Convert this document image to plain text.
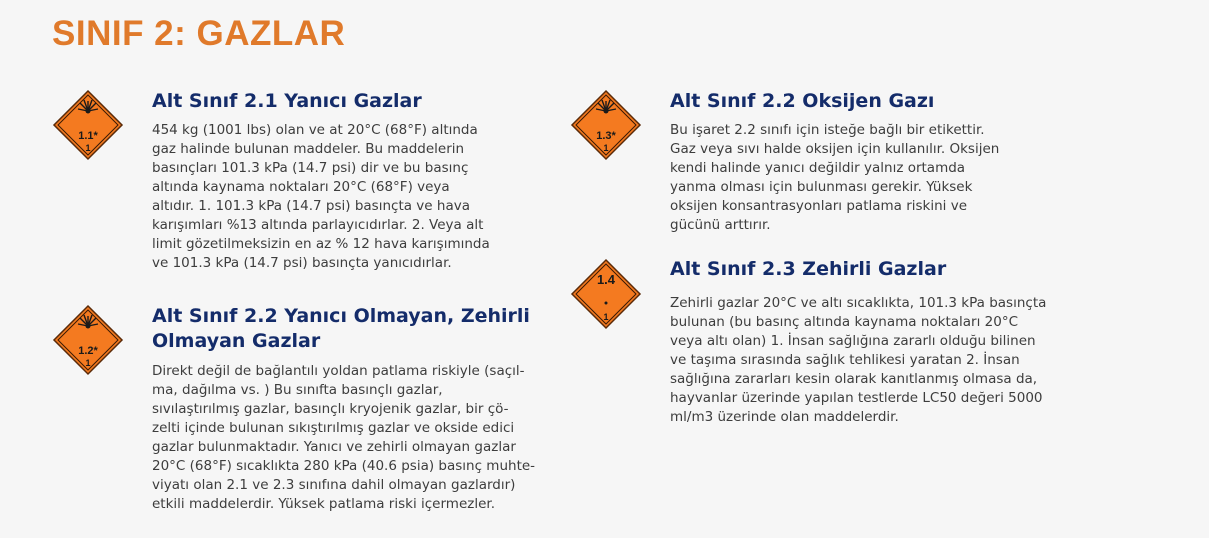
SINIF 2: GAZLAR
1.1*
1
Alt Sınıf 2.1 Yanıcı Gazlar
454 kg (1001 lbs) olan ve at 20°C (68°F) altında
gaz halinde bulunan maddeler. Bu maddelerin
basınçları 101.3 kPa (14.7 psi) dir ve bu basınç
altında kaynama noktaları 20°C (68°F) veya
altıdır. 1. 101.3 kPa (14.7 psi) basınçta ve hava
karışımları %13 altında parlayıcıdırlar. 2. Veya alt
limit gözetilmeksizin en az % 12 hava karışımında
ve 101.3 kPa (14.7 psi) basınçta yanıcıdırlar.
1.2*
1
Alt Sınıf 2.2 Yanıcı Olmayan, Zehirli
Olmayan Gazlar
Direkt değil de bağlantılı yoldan patlama riskiyle (saçıl-
ma, dağılma vs. ) Bu sınıfta basınçlı gazlar,
sıvılaştırılmış gazlar, basınçlı kryojenik gazlar, bir çö-
zelti içinde bulunan sıkıştırılmış gazlar ve okside edici
gazlar bulunmaktadır. Yanıcı ve zehirli olmayan gazlar
20°C (68°F) sıcaklıkta 280 kPa (40.6 psia) basınç muhte-
viyatı olan 2.1 ve 2.3 sınıfına dahil olmayan gazlardır)
etkili maddelerdir. Yüksek patlama riski içermezler.
1.3*
1
Alt Sınıf 2.2 Oksijen Gazı
Bu işaret 2.2 sınıfı için isteğe bağlı bir etikettir.
Gaz veya sıvı halde oksijen için kullanılır. Oksijen
kendi halinde yanıcı değildir yalnız ortamda
yanma olması için bulunması gerekir. Yüksek
oksijen konsantrasyonları patlama riskini ve
gücünü arttırır.
1.4
1
Alt Sınıf 2.3 Zehirli Gazlar
Zehirli gazlar 20°C ve altı sıcaklıkta, 101.3 kPa basınçta
bulunan (bu basınç altında kaynama noktaları 20°C
veya altı olan) 1. İnsan sağlığına zararlı olduğu bilinen
ve taşıma sırasında sağlık tehlikesi yaratan 2. İnsan
sağlığına zararları kesin olarak kanıtlanmış olmasa da,
hayvanlar üzerinde yapılan testlerde LC50 değeri 5000
ml/m3 üzerinde olan maddelerdir.
